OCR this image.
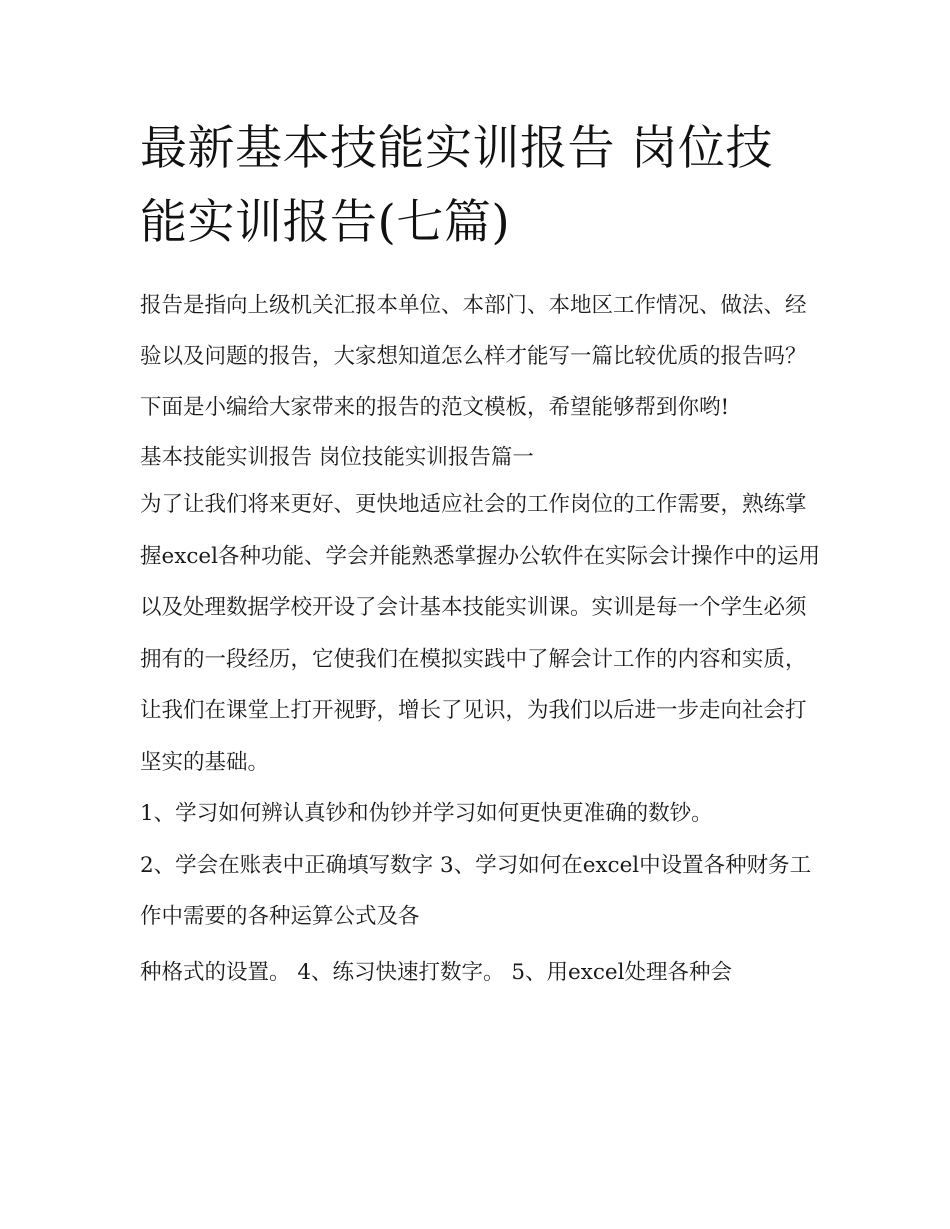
最新基本技能实训报告 岗位技能实训报告(七篇)

报告是指向上级机关汇报本单位、本部门、本地区工作情况、做法、经验以及问题的报告，大家想知道怎么样才能写一篇比较优质的报告吗？下面是小编给大家带来的报告的范文模板，希望能够帮到你哟!

基本技能实训报告 岗位技能实训报告篇一

为了让我们将来更好、更快地适应社会的工作岗位的工作需要，熟练掌握excel各种功能、学会并能熟悉掌握办公软件在实际会计操作中的运用以及处理数据学校开设了会计基本技能实训课。实训是每一个学生必须拥有的一段经历，它使我们在模拟实践中了解会计工作的内容和实质，让我们在课堂上打开视野，增长了见识，为我们以后进一步走向社会打坚实的基础。

1、学习如何辨认真钞和伪钞并学习如何更快更准确的数钞。
2、学会在账表中正确填写数字 3、学习如何在excel中设置各种财务工作中需要的各种运算公式及各
种格式的设置。 4、练习快速打数字。 5、用excel处理各种会
